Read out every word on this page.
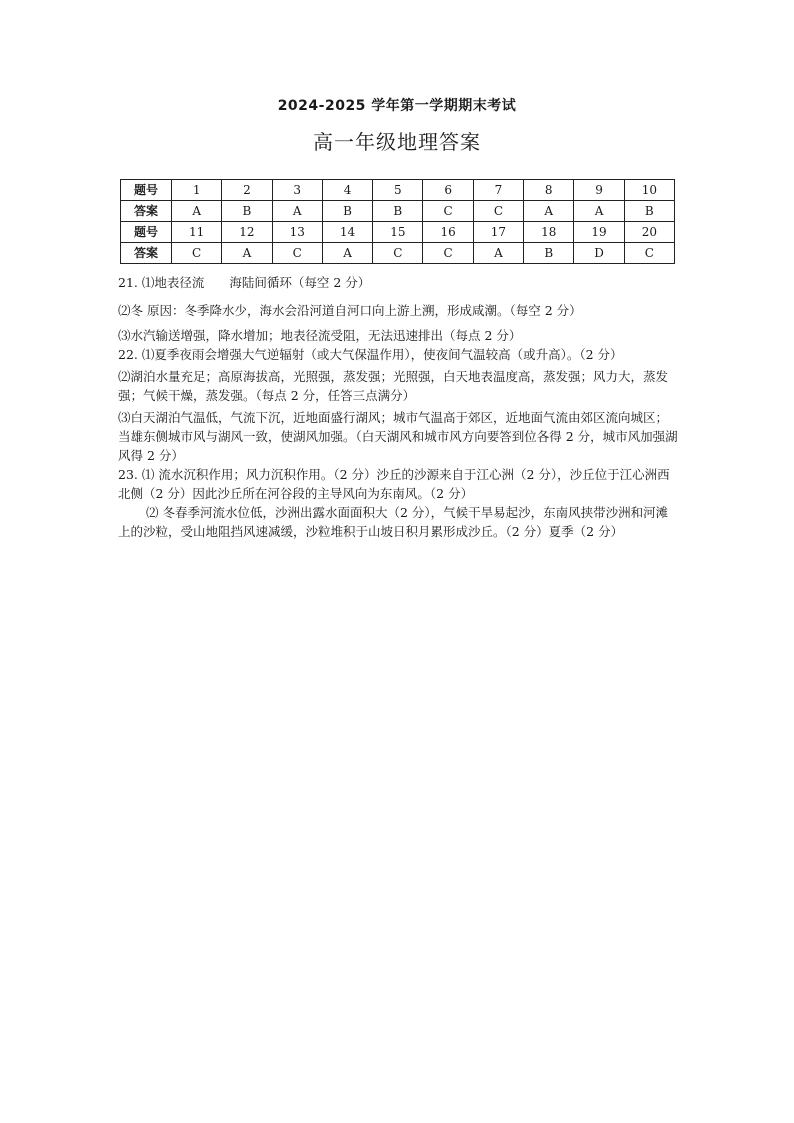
2024-2025 学年第一学期期末考试
高一年级地理答案
题号	1	2	3	4	5	6	7	8	9	10
答案	A	B	A	B	B	C	C	A	A	B
题号	11	12	13	14	15	16	17	18	19	20
答案	C	A	C	A	C	C	A	B	D	C
21. ⑴地表径流　　海陆间循环（每空 2 分）
⑵冬 原因：冬季降水少，海水会沿河道自河口向上游上溯，形成咸潮。（每空 2 分）
⑶水汽输送增强，降水增加；地表径流受阻，无法迅速排出（每点 2 分）
22. ⑴夏季夜雨会增强大气逆辐射（或大气保温作用），使夜间气温较高（或升高）。（2 分）
⑵湖泊水量充足；高原海拔高，光照强，蒸发强；光照强，白天地表温度高，蒸发强；风力大，蒸发强；气候干燥，蒸发强。（每点 2 分，任答三点满分）
⑶白天湖泊气温低，气流下沉，近地面盛行湖风；城市气温高于郊区，近地面气流由郊区流向城区；当雄东侧城市风与湖风一致，使湖风加强。（白天湖风和城市风方向要答到位各得 2 分，城市风加强湖风得 2 分）
23. ⑴ 流水沉积作用；风力沉积作用。（2 分）沙丘的沙源来自于江心洲（2 分），沙丘位于江心洲西北侧（2 分）因此沙丘所在河谷段的主导风向为东南风。（2 分）
⑵ 冬春季河流水位低，沙洲出露水面面积大（2 分），气候干旱易起沙，东南风挟带沙洲和河滩上的沙粒，受山地阻挡风速减缓，沙粒堆积于山坡日积月累形成沙丘。（2 分）夏季（2 分）
